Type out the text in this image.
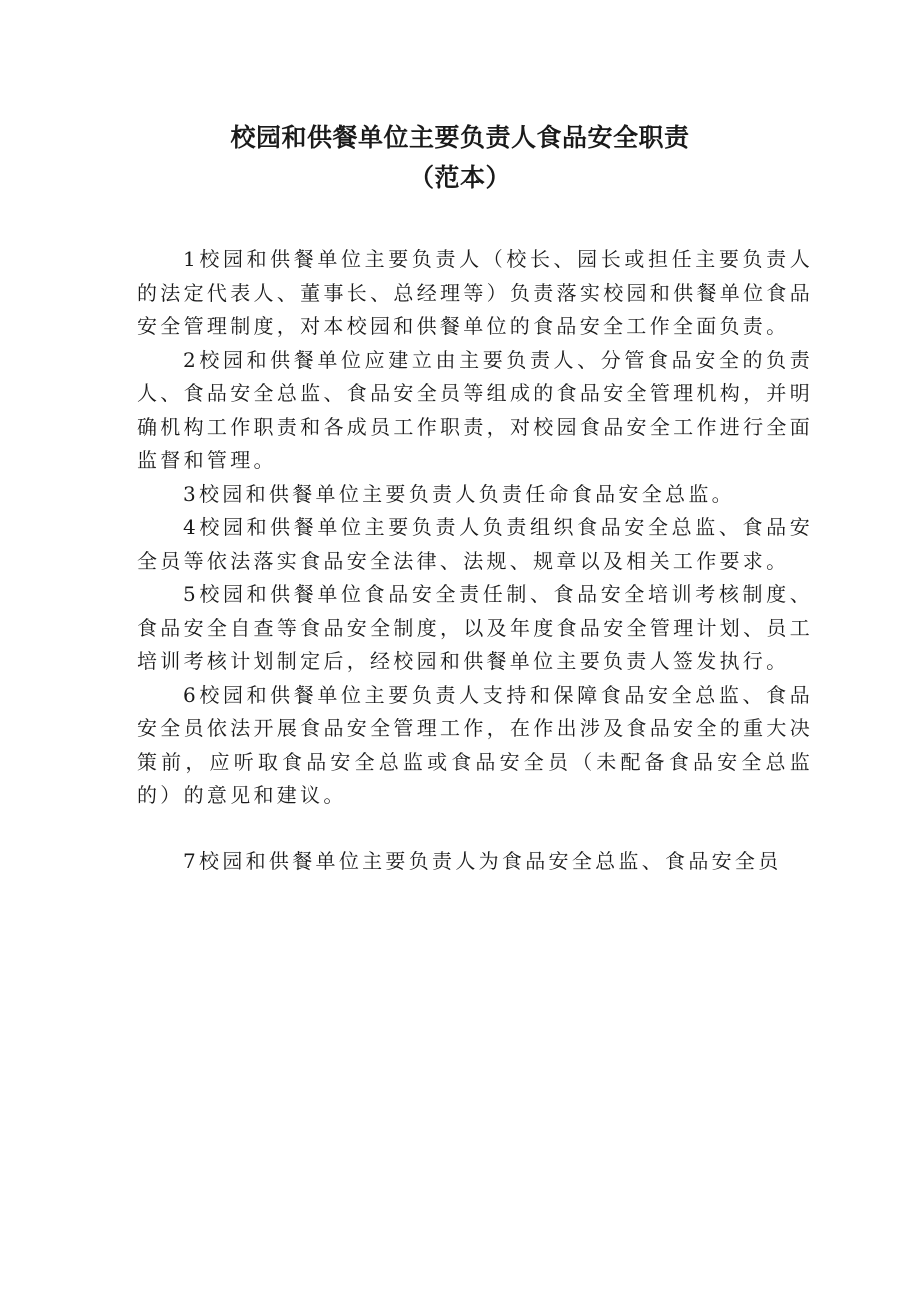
校园和供餐单位主要负责人食品安全职责
（范本）

1校园和供餐单位主要负责人（校长、园长或担任主要负责人的法定代表人、董事长、总经理等）负责落实校园和供餐单位食品安全管理制度，对本校园和供餐单位的食品安全工作全面负责。

2校园和供餐单位应建立由主要负责人、分管食品安全的负责人、食品安全总监、食品安全员等组成的食品安全管理机构，并明确机构工作职责和各成员工作职责，对校园食品安全工作进行全面监督和管理。

3校园和供餐单位主要负责人负责任命食品安全总监。

4校园和供餐单位主要负责人负责组织食品安全总监、食品安全员等依法落实食品安全法律、法规、规章以及相关工作要求。

5校园和供餐单位食品安全责任制、食品安全培训考核制度、食品安全自查等食品安全制度，以及年度食品安全管理计划、员工培训考核计划制定后，经校园和供餐单位主要负责人签发执行。

6校园和供餐单位主要负责人支持和保障食品安全总监、食品安全员依法开展食品安全管理工作，在作出涉及食品安全的重大决策前，应听取食品安全总监或食品安全员（未配备食品安全总监的）的意见和建议。

7校园和供餐单位主要负责人为食品安全总监、食品安全员
